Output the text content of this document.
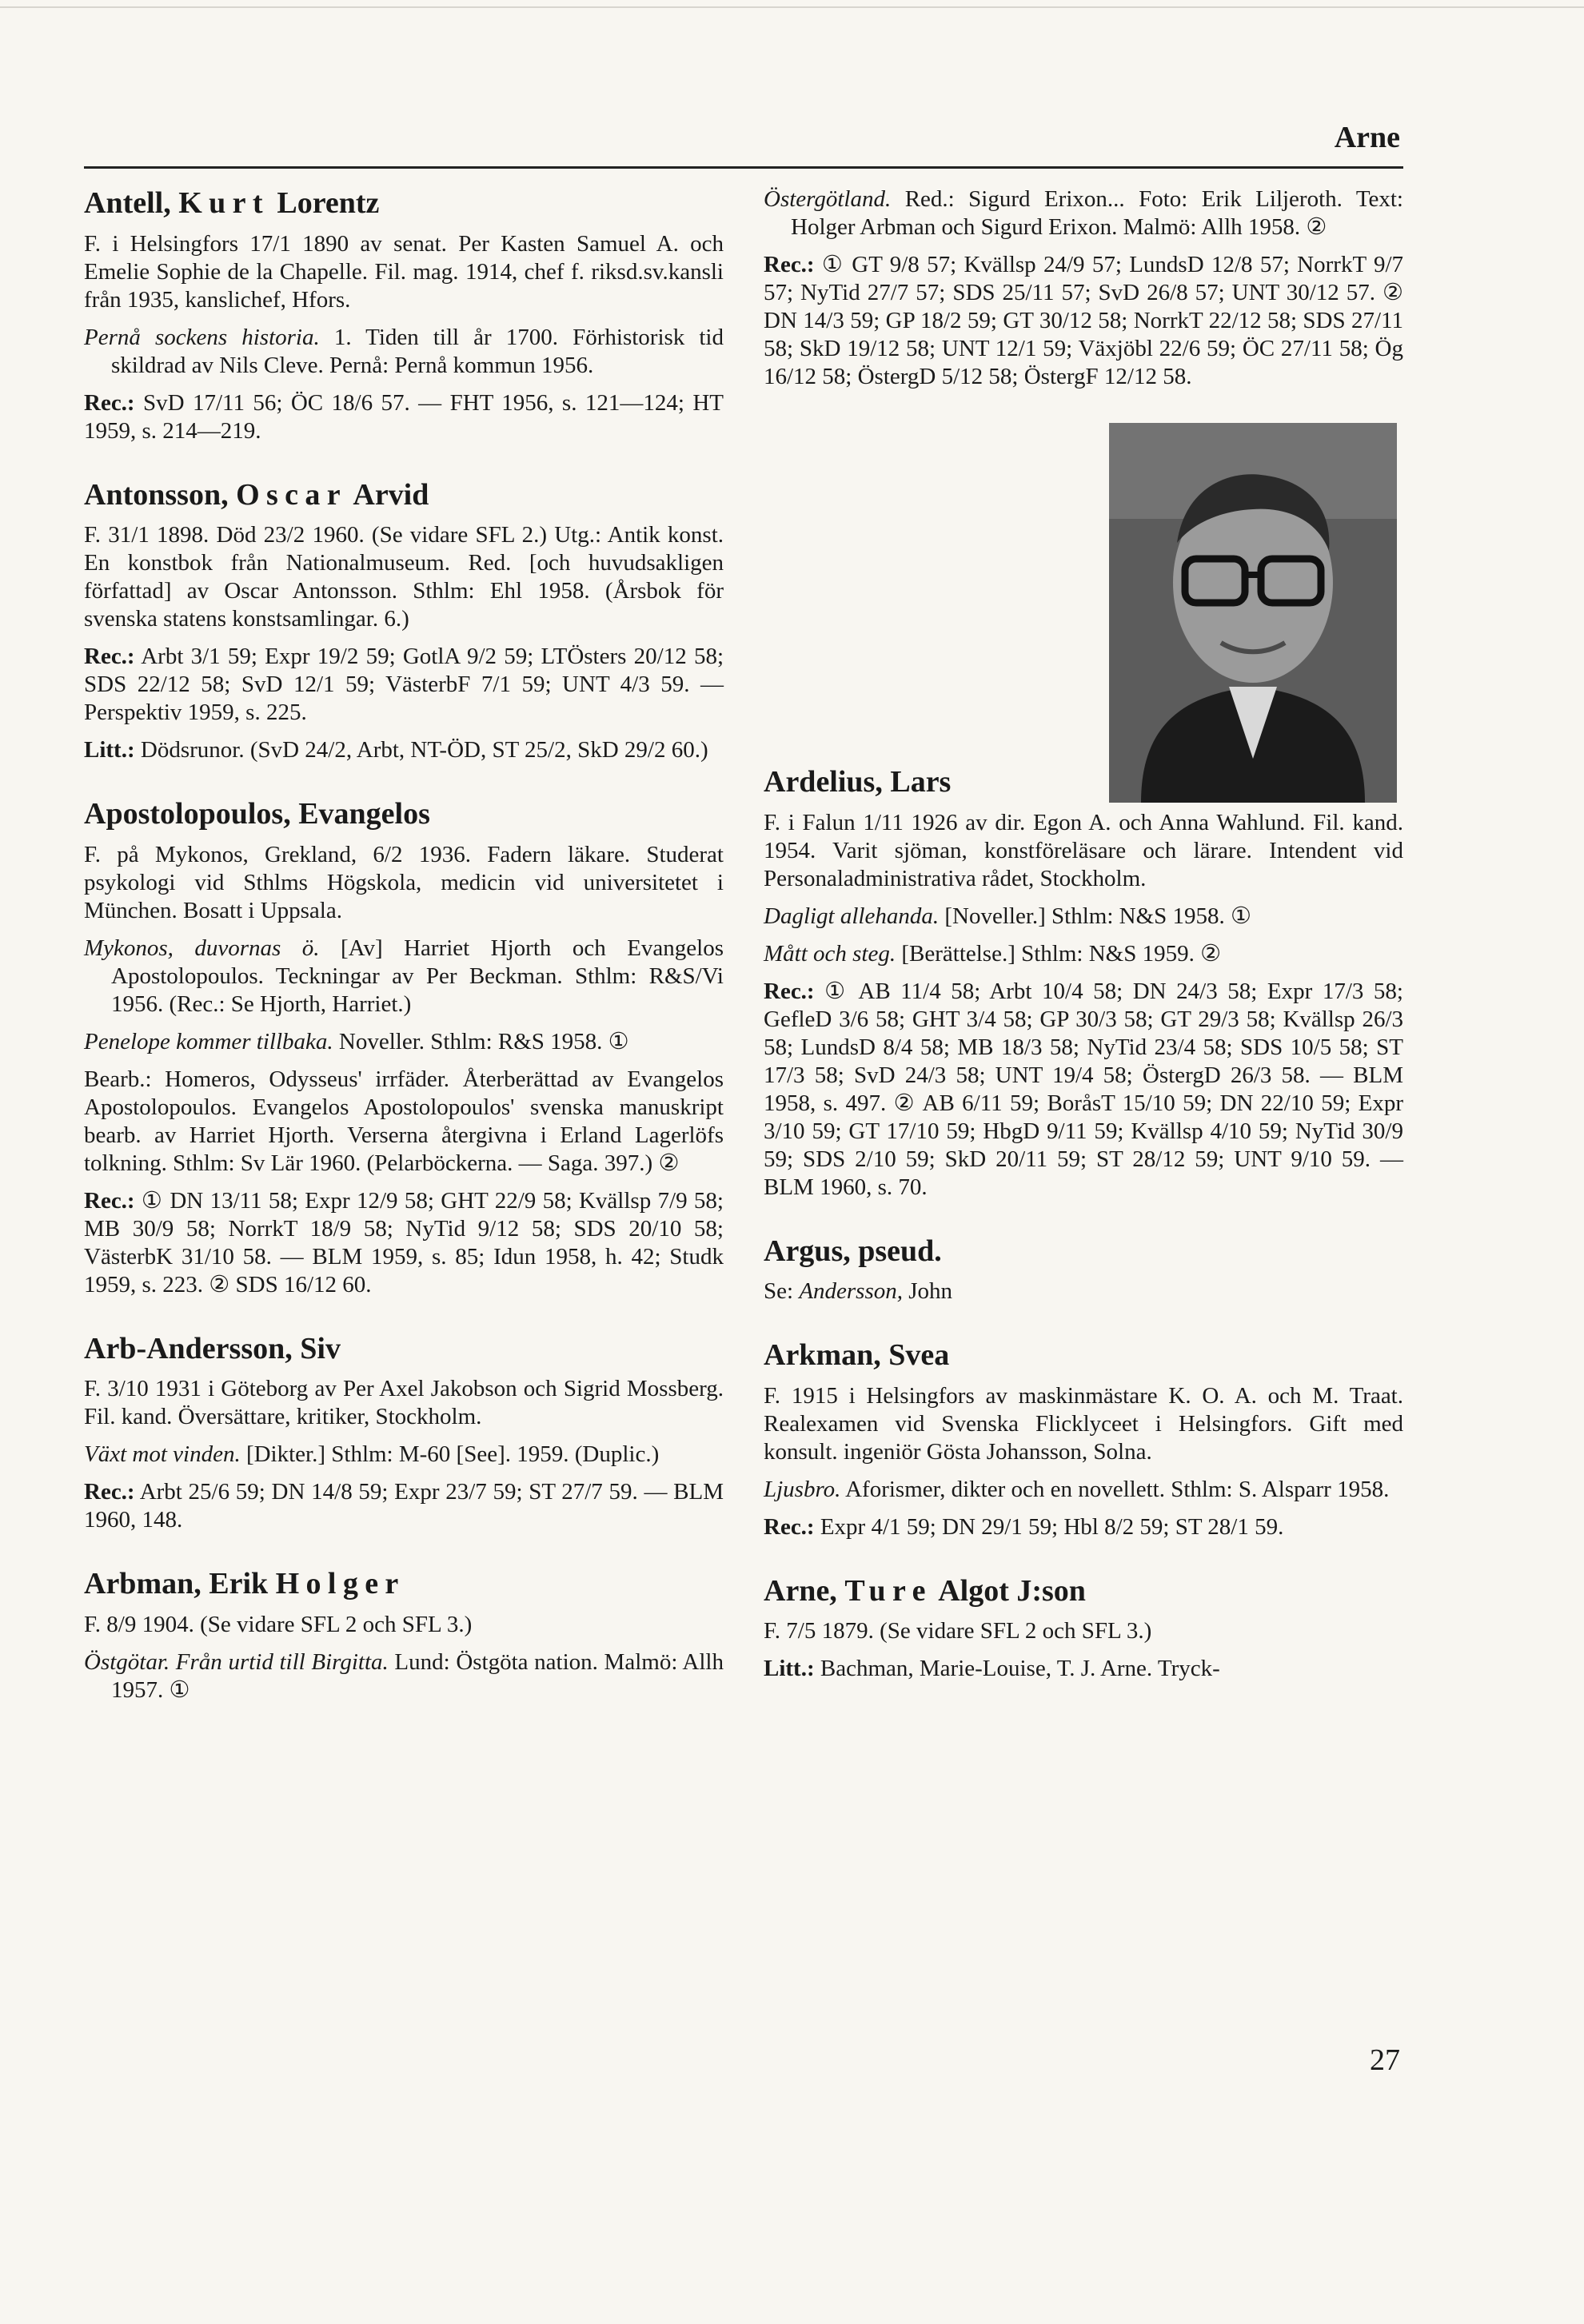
Arne
Antell, Kurt Lorentz
F. i Helsingfors 17/1 1890 av senat. Per Kasten Samuel A. och Emelie Sophie de la Chapelle. Fil. mag. 1914, chef f. riksd.sv.kansli från 1935, kanslichef, Hfors.
Pernå sockens historia. 1. Tiden till år 1700. Förhistorisk tid skildrad av Nils Cleve. Pernå: Pernå kommun 1956.
Rec.: SvD 17/11 56; ÖC 18/6 57. — FHT 1956, s. 121—124; HT 1959, s. 214—219.
Antonsson, Oscar Arvid
F. 31/1 1898. Död 23/2 1960. (Se vidare SFL 2.) Utg.: Antik konst. En konstbok från Nationalmuseum. Red. [och huvudsakligen författad] av Oscar Antonsson. Sthlm: Ehl 1958. (Årsbok för svenska statens konstsamlingar. 6.)
Rec.: Arbt 3/1 59; Expr 19/2 59; GotlA 9/2 59; LTÖsters 20/12 58; SDS 22/12 58; SvD 12/1 59; VästerbF 7/1 59; UNT 4/3 59. — Perspektiv 1959, s. 225.
Litt.: Dödsrunor. (SvD 24/2, Arbt, NT-ÖD, ST 25/2, SkD 29/2 60.)
Apostolopoulos, Evangelos
F. på Mykonos, Grekland, 6/2 1936. Fadern läkare. Studerat psykologi vid Sthlms Högskola, medicin vid universitetet i München. Bosatt i Uppsala.
Mykonos, duvornas ö. [Av] Harriet Hjorth och Evangelos Apostolopoulos. Teckningar av Per Beckman. Sthlm: R&S/Vi 1956. (Rec.: Se Hjorth, Harriet.)
Penelope kommer tillbaka. Noveller. Sthlm: R&S 1958. ①
Bearb.: Homeros, Odysseus' irrfäder. Återberättad av Evangelos Apostolopoulos. Evangelos Apostolopoulos' svenska manuskript bearb. av Harriet Hjorth. Verserna återgivna i Erland Lagerlöfs tolkning. Sthlm: Sv Lär 1960. (Pelarböckerna. — Saga. 397.) ②
Rec.: ① DN 13/11 58; Expr 12/9 58; GHT 22/9 58; Kvällsp 7/9 58; MB 30/9 58; NorrkT 18/9 58; NyTid 9/12 58; SDS 20/10 58; VästerbK 31/10 58. — BLM 1959, s. 85; Idun 1958, h. 42; Studk 1959, s. 223. ② SDS 16/12 60.
Arb-Andersson, Siv
F. 3/10 1931 i Göteborg av Per Axel Jakobson och Sigrid Mossberg. Fil. kand. Översättare, kritiker, Stockholm.
Växt mot vinden. [Dikter.] Sthlm: M-60 [See]. 1959. (Duplic.)
Rec.: Arbt 25/6 59; DN 14/8 59; Expr 23/7 59; ST 27/7 59. — BLM 1960, 148.
Arbman, Erik Holger
F. 8/9 1904. (Se vidare SFL 2 och SFL 3.)
Östgötar. Från urtid till Birgitta. Lund: Östgöta nation. Malmö: Allh 1957. ①
Östergötland. Red.: Sigurd Erixon... Foto: Erik Liljeroth. Text: Holger Arbman och Sigurd Erixon. Malmö: Allh 1958. ②
Rec.: ① GT 9/8 57; Kvällsp 24/9 57; LundsD 12/8 57; NorrkT 9/7 57; NyTid 27/7 57; SDS 25/11 57; SvD 26/8 57; UNT 30/12 57. ② DN 14/3 59; GP 18/2 59; GT 30/12 58; NorrkT 22/12 58; SDS 27/11 58; SkD 19/12 58; UNT 12/1 59; Växjöbl 22/6 59; ÖC 27/11 58; Ög 16/12 58; ÖstergD 5/12 58; ÖstergF 12/12 58.
Ardelius, Lars
F. i Falun 1/11 1926 av dir. Egon A. och Anna Wahlund. Fil. kand. 1954. Varit sjöman, konstföreläsare och lärare. Intendent vid Personaladministrativa rådet, Stockholm.
Dagligt allehanda. [Noveller.] Sthlm: N&S 1958. ①
Mått och steg. [Berättelse.] Sthlm: N&S 1959. ②
Rec.: ① AB 11/4 58; Arbt 10/4 58; DN 24/3 58; Expr 17/3 58; GefleD 3/6 58; GHT 3/4 58; GP 30/3 58; GT 29/3 58; Kvällsp 26/3 58; LundsD 8/4 58; MB 18/3 58; NyTid 23/4 58; SDS 10/5 58; ST 17/3 58; SvD 24/3 58; UNT 19/4 58; ÖstergD 26/3 58. — BLM 1958, s. 497. ② AB 6/11 59; BoråsT 15/10 59; DN 22/10 59; Expr 3/10 59; GT 17/10 59; HbgD 9/11 59; Kvällsp 4/10 59; NyTid 30/9 59; SDS 2/10 59; SkD 20/11 59; ST 28/12 59; UNT 9/10 59. — BLM 1960, s. 70.
Argus, pseud.
Se: Andersson, John
Arkman, Svea
F. 1915 i Helsingfors av maskinmästare K. O. A. och M. Traat. Realexamen vid Svenska Flicklyceet i Helsingfors. Gift med konsult. ingeniör Gösta Johansson, Solna.
Ljusbro. Aforismer, dikter och en novellett. Sthlm: S. Alsparr 1958.
Rec.: Expr 4/1 59; DN 29/1 59; Hbl 8/2 59; ST 28/1 59.
Arne, Ture Algot J:son
F. 7/5 1879. (Se vidare SFL 2 och SFL 3.)
Litt.: Bachman, Marie-Louise, T. J. Arne. Tryck-
27
